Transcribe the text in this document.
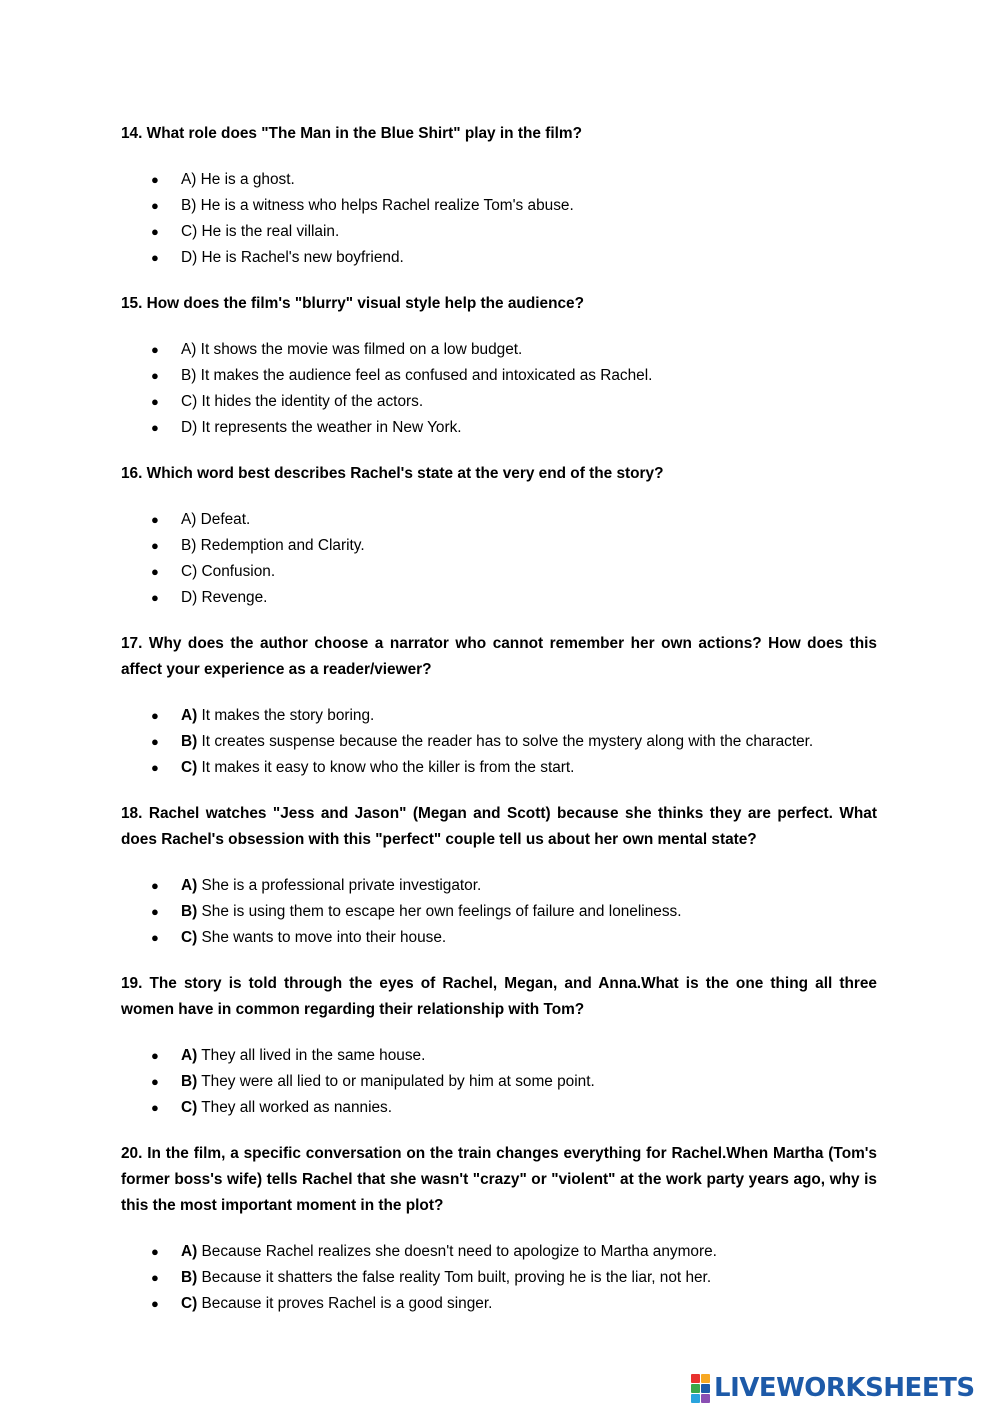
14. What role does "The Man in the Blue Shirt" play in the film?

● A) He is a ghost.
● B) He is a witness who helps Rachel realize Tom's abuse.
● C) He is the real villain.
● D) He is Rachel's new boyfriend.

15. How does the film's "blurry" visual style help the audience?

● A) It shows the movie was filmed on a low budget.
● B) It makes the audience feel as confused and intoxicated as Rachel.
● C) It hides the identity of the actors.
● D) It represents the weather in New York.

16. Which word best describes Rachel's state at the very end of the story?

● A) Defeat.
● B) Redemption and Clarity.
● C) Confusion.
● D) Revenge.

17. Why does the author choose a narrator who cannot remember her own actions? How does this affect your experience as a reader/viewer?

● A) It makes the story boring.
● B) It creates suspense because the reader has to solve the mystery along with the character.
● C) It makes it easy to know who the killer is from the start.

18. Rachel watches "Jess and Jason" (Megan and Scott) because she thinks they are perfect. What does Rachel's obsession with this "perfect" couple tell us about her own mental state?

● A) She is a professional private investigator.
● B) She is using them to escape her own feelings of failure and loneliness.
● C) She wants to move into their house.

19. The story is told through the eyes of Rachel, Megan, and Anna.What is the one thing all three women have in common regarding their relationship with Tom?

● A) They all lived in the same house.
● B) They were all lied to or manipulated by him at some point.
● C) They all worked as nannies.

20. In the film, a specific conversation on the train changes everything for Rachel.When Martha (Tom's former boss's wife) tells Rachel that she wasn't "crazy" or "violent" at the work party years ago, why is this the most important moment in the plot?

● A) Because Rachel realizes she doesn't need to apologize to Martha anymore.
● B) Because it shatters the false reality Tom built, proving he is the liar, not her.
● C) Because it proves Rachel is a good singer.
LIVEWORKSHEETS
